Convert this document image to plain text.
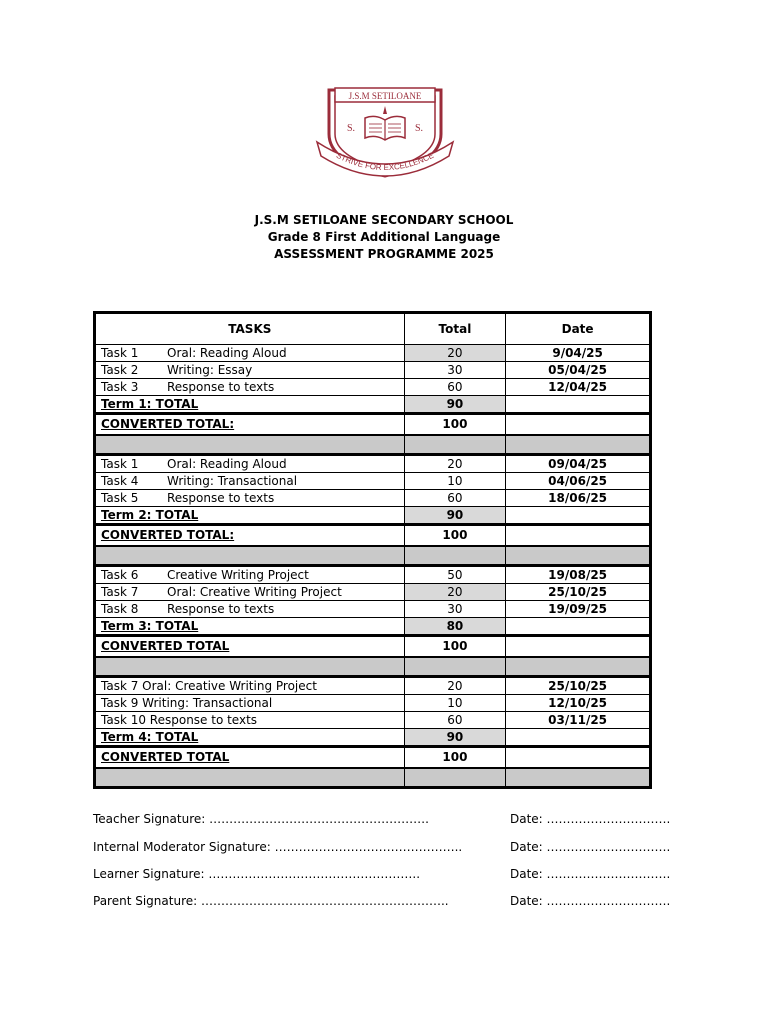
J.S.M SETILOANE
S.	S.
STRIVE FOR EXCELLENCE
J.S.M SETILOANE SECONDARY SCHOOL
Grade 8 First Additional Language
ASSESSMENT PROGRAMME 2025
TASKS	Total	Date
Task 1 Oral: Reading Aloud	20	9/04/25
Task 2 Writing: Essay	30	05/04/25
Task 3 Response to texts	60	12/04/25
Term 1: TOTAL	90	
CONVERTED TOTAL:	100	

Task 1 Oral: Reading Aloud	20	09/04/25
Task 4 Writing: Transactional	10	04/06/25
Task 5 Response to texts	60	18/06/25
Term 2: TOTAL	90	
CONVERTED TOTAL:	100	

Task 6 Creative Writing Project	50	19/08/25
Task 7 Oral: Creative Writing Project	20	25/10/25
Task 8 Response to texts	30	19/09/25
Term 3: TOTAL	80	
CONVERTED TOTAL	100	

Task 7 Oral: Creative Writing Project	20	25/10/25
Task 9 Writing: Transactional	10	12/10/25
Task 10 Response to texts	60	03/11/25
Term 4: TOTAL	90	
CONVERTED TOTAL	100	

Teacher Signature: ……………………………………………….	Date: ………………………….
Internal Moderator Signature: ………………………………………..	Date: ………………………….
Learner Signature: ……………………………………………..	Date: ………………………….
Parent Signature: ……………………………………………………..	Date: ………………………….
